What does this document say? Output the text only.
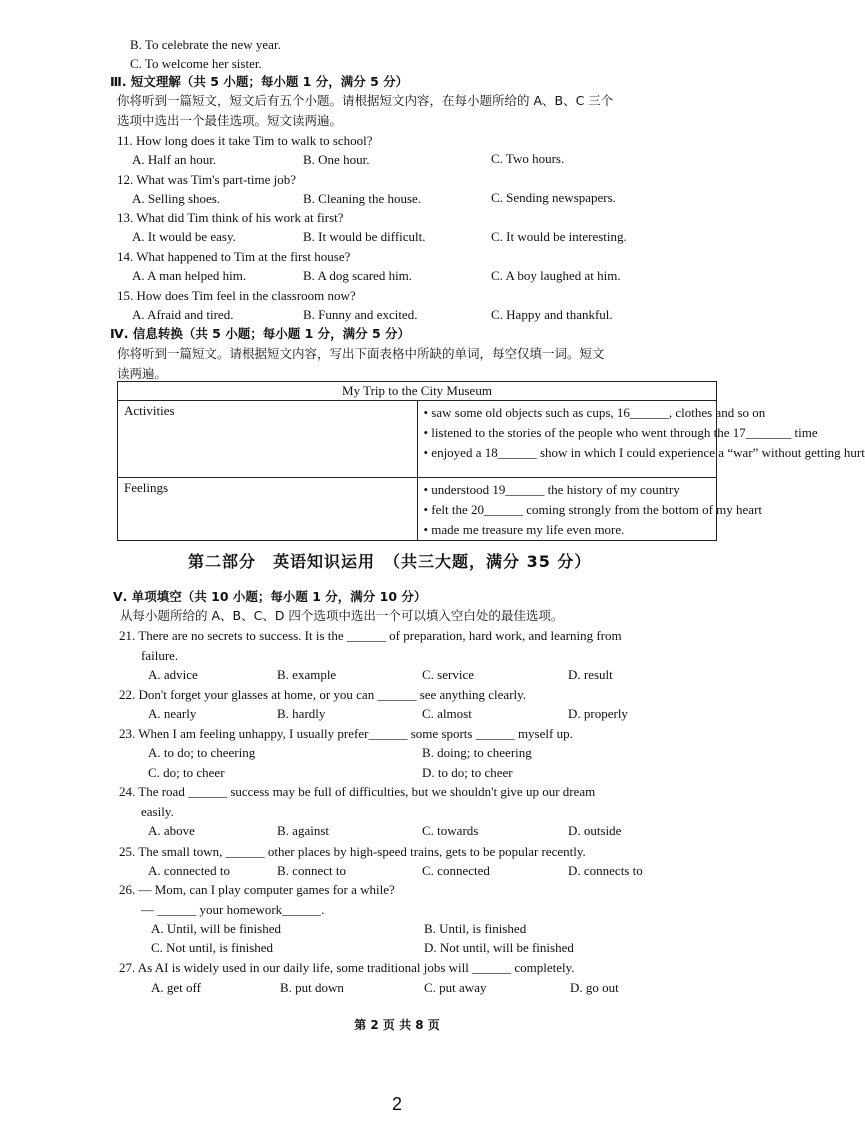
B. To celebrate the new year.
C. To welcome her sister.
Ⅲ. 短文理解（共 5 小题；每小题 1 分，满分 5 分）
你将听到一篇短文，短文后有五个小题。请根据短文内容，在每小题所给的 A、B、C 三个
选项中选出一个最佳选项。短文读两遍。
11. How long does it take Tim to walk to school?
A. Half an hour.	B. One hour.	C. Two hours.
12. What was Tim's part-time job?
A. Selling shoes.	B. Cleaning the house.	C. Sending newspapers.
13. What did Tim think of his work at first?
A. It would be easy.	B. It would be difficult.	C. It would be interesting.
14. What happened to Tim at the first house?
A. A man helped him.	B. A dog scared him.	C. A boy laughed at him.
15. How does Tim feel in the classroom now?
A. Afraid and tired.	B. Funny and excited.	C. Happy and thankful.
Ⅳ. 信息转换（共 5 小题；每小题 1 分，满分 5 分）
你将听到一篇短文。请根据短文内容，写出下面表格中所缺的单词，每空仅填一词。短文
读两遍。
My Trip to the City Museum	
Activities	• saw some old objects such as cups, 16______, clothes and so on
• listened to the stories of the people who went through the 17_______ time
• enjoyed a 18______ show in which I could experience a “war” without getting hurt

Feelings	• understood 19______ the history of my country
• felt the 20______ coming strongly from the bottom of my heart
• made me treasure my life even more.
第二部分　英语知识运用　（共三大题，满分 35 分）
Ⅴ. 单项填空（共 10 小题；每小题 1 分，满分 10 分）
从每小题所给的 A、B、C、D 四个选项中选出一个可以填入空白处的最佳选项。
21. There are no secrets to success. It is the ______ of preparation, hard work, and learning from
failure.
A. advice	B. example	C. service	D. result
22. Don't forget your glasses at home, or you can ______ see anything clearly.
A. nearly	B. hardly	C. almost	D. properly
23. When I am feeling unhappy, I usually prefer______ some sports ______ myself up.
A. to do; to cheering	B. doing; to cheering
C. do; to cheer	D. to do; to cheer
24. The road ______ success may be full of difficulties, but we shouldn't give up our dream
easily.
A. above	B. against	C. towards	D. outside
25. The small town, ______ other places by high-speed trains, gets to be popular recently.
A. connected to	B. connect to	C. connected	D. connects to
26. — Mom, can I play computer games for a while?
— ______ your homework______.
A. Until, will be finished	B. Until, is finished
C. Not until, is finished	D. Not until, will be finished
27. As AI is widely used in our daily life, some traditional jobs will ______ completely.
A. get off	B. put down	C. put away	D. go out
第 2 页 共 8 页
2
